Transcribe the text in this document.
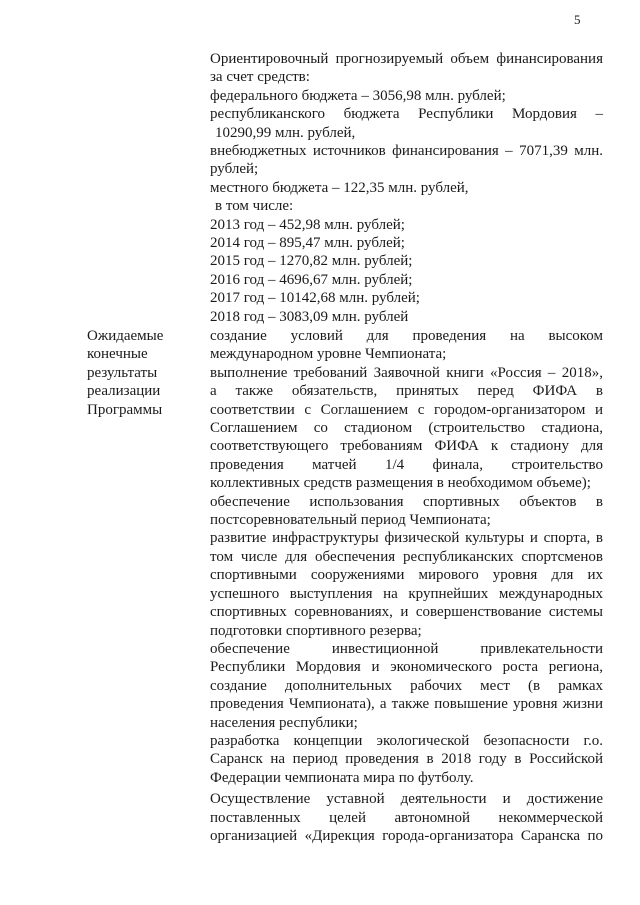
5
Ориентировочный прогнозируемый объем финансирования
за счет средств:
федерального бюджета – 3056,98 млн. рублей;
республиканского бюджета Республики Мордовия –
10290,99 млн. рублей,
внебюджетных источников финансирования – 7071,39 млн.
рублей;
местного бюджета – 122,35 млн. рублей,
в том числе:
2013 год – 452,98 млн. рублей;
2014 год – 895,47 млн. рублей;
2015 год – 1270,82 млн. рублей;
2016 год – 4696,67 млн. рублей;
2017 год – 10142,68 млн. рублей;
2018 год – 3083,09 млн. рублей
Ожидаемые
конечные
результаты
реализации
Программы
создание условий для проведения на высоком
международном уровне Чемпионата;
выполнение требований Заявочной книги «Россия – 2018»,
а также обязательств, принятых перед ФИФА в
соответствии с Соглашением с городом-организатором и
Соглашением со стадионом (строительство стадиона,
соответствующего требованиям ФИФА к стадиону для
проведения матчей 1/4 финала, строительство
коллективных средств размещения в необходимом объеме);
обеспечение использования спортивных объектов в
постсоревновательный период Чемпионата;
развитие инфраструктуры физической культуры и спорта, в
том числе для обеспечения республиканских спортсменов
спортивными сооружениями мирового уровня для их
успешного выступления на крупнейших международных
спортивных соревнованиях, и совершенствование системы
подготовки спортивного резерва;
обеспечение инвестиционной привлекательности
Республики Мордовия и экономического роста региона,
создание дополнительных рабочих мест (в рамках
проведения Чемпионата), а также повышение уровня жизни
населения республики;
разработка концепции экологической безопасности г.о.
Саранск на период проведения в 2018 году в Российской
Федерации чемпионата мира по футболу.
Осуществление уставной деятельности и достижение
поставленных целей автономной некоммерческой
организацией «Дирекция города-организатора Саранска по
